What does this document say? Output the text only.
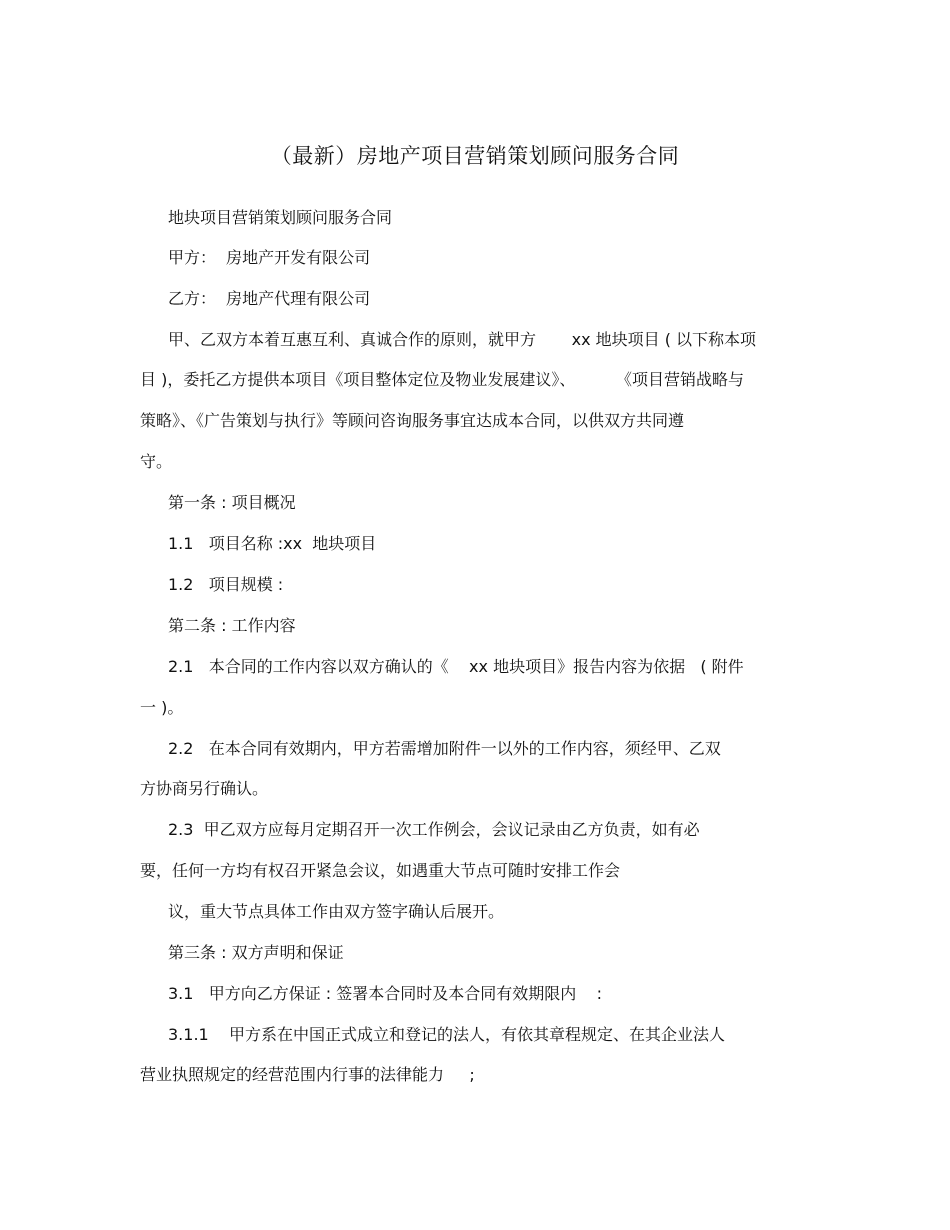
（最新）房地产项目营销策划顾问服务合同
地块项目营销策划顾问服务合同
甲方：  房地产开发有限公司
乙方：  房地产代理有限公司
甲、乙双方本着互惠互利、真诚合作的原则，就甲方       xx 地块项目 ( 以下称本项
目 )，委托乙方提供本项目《项目整体定位及物业发展建议》、        《项目营销战略与
策略》、《广告策划与执行》等顾问咨询服务事宜达成本合同，以供双方共同遵
守。
第一条 : 项目概况
1.1   项目名称 :xx  地块项目
1.2   项目规模 :
第二条 : 工作内容
2.1   本合同的工作内容以双方确认的《    xx 地块项目》报告内容为依据   ( 附件
一 )。
2.2   在本合同有效期内，甲方若需增加附件一以外的工作内容，须经甲、乙双
方协商另行确认。
2.3  甲乙双方应每月定期召开一次工作例会，会议记录由乙方负责，如有必
要，任何一方均有权召开紧急会议，如遇重大节点可随时安排工作会
议，重大节点具体工作由双方签字确认后展开。
第三条 : 双方声明和保证
3.1   甲方向乙方保证 : 签署本合同时及本合同有效期限内    :
3.1.1    甲方系在中国正式成立和登记的法人，有依其章程规定、在其企业法人
营业执照规定的经营范围内行事的法律能力     ;
